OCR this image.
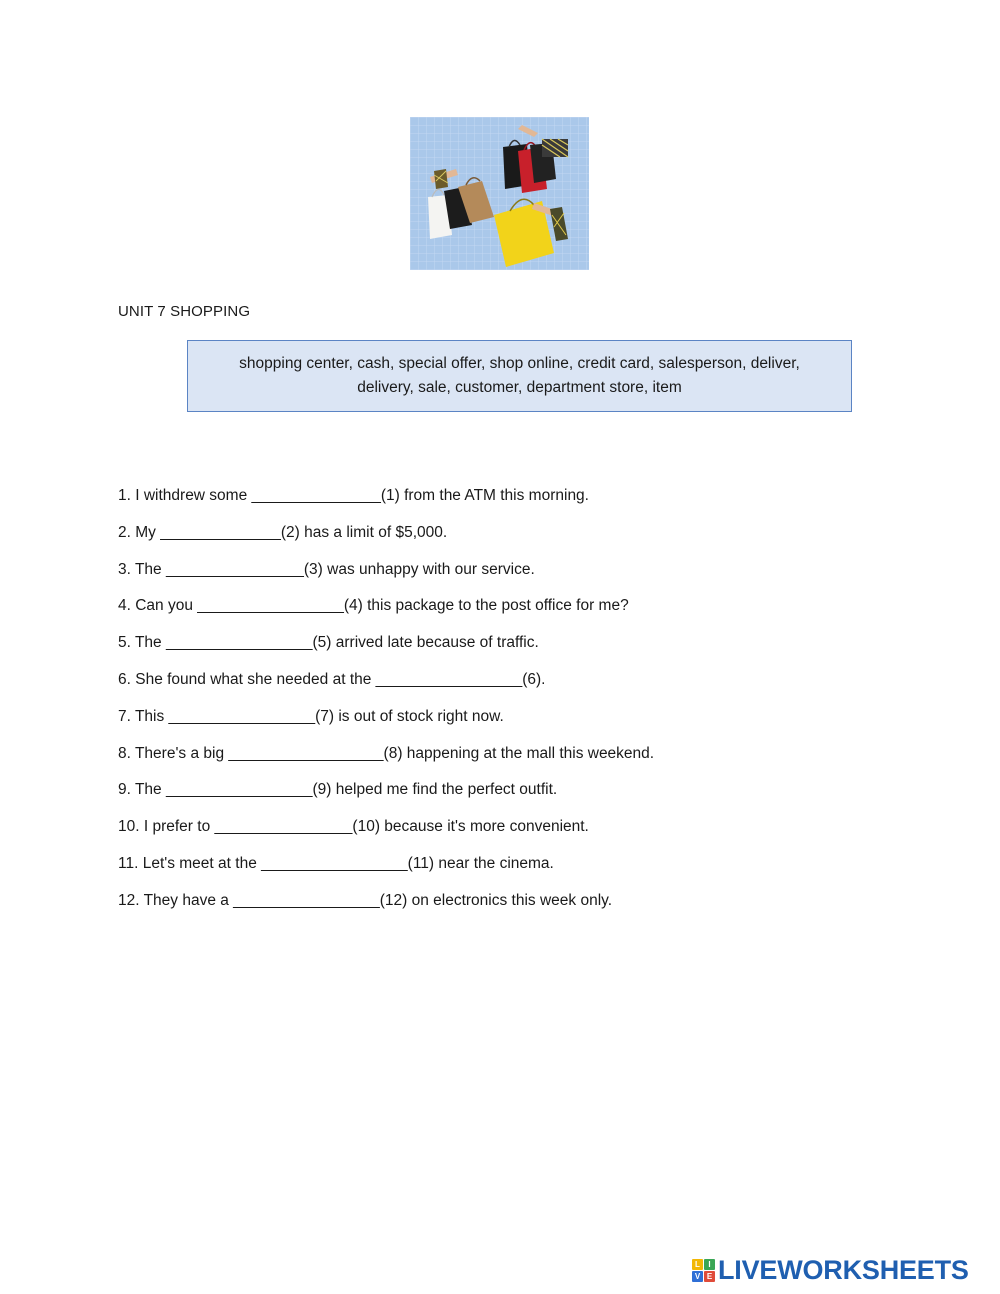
UNIT 7 SHOPPING
shopping center, cash, special offer, shop online, credit card, salesperson, deliver, delivery, sale, customer, department store, item
1. I withdrew some _______________(1) from the ATM this morning.
2. My ______________(2) has a limit of $5,000.
3. The ________________(3) was unhappy with our service.
4. Can you _________________(4) this package to the post office for me?
5. The _________________(5) arrived late because of traffic.
6. She found what she needed at the _________________(6).
7. This _________________(7) is out of stock right now.
8. There's a big __________________(8) happening at the mall this weekend.
9. The _________________(9) helped me find the perfect outfit.
10. I prefer to ________________(10) because it's more convenient.
11. Let's meet at the _________________(11) near the cinema.
12. They have a _________________(12) on electronics this week only.
L	I
V E LIVEWORKSHEETS
